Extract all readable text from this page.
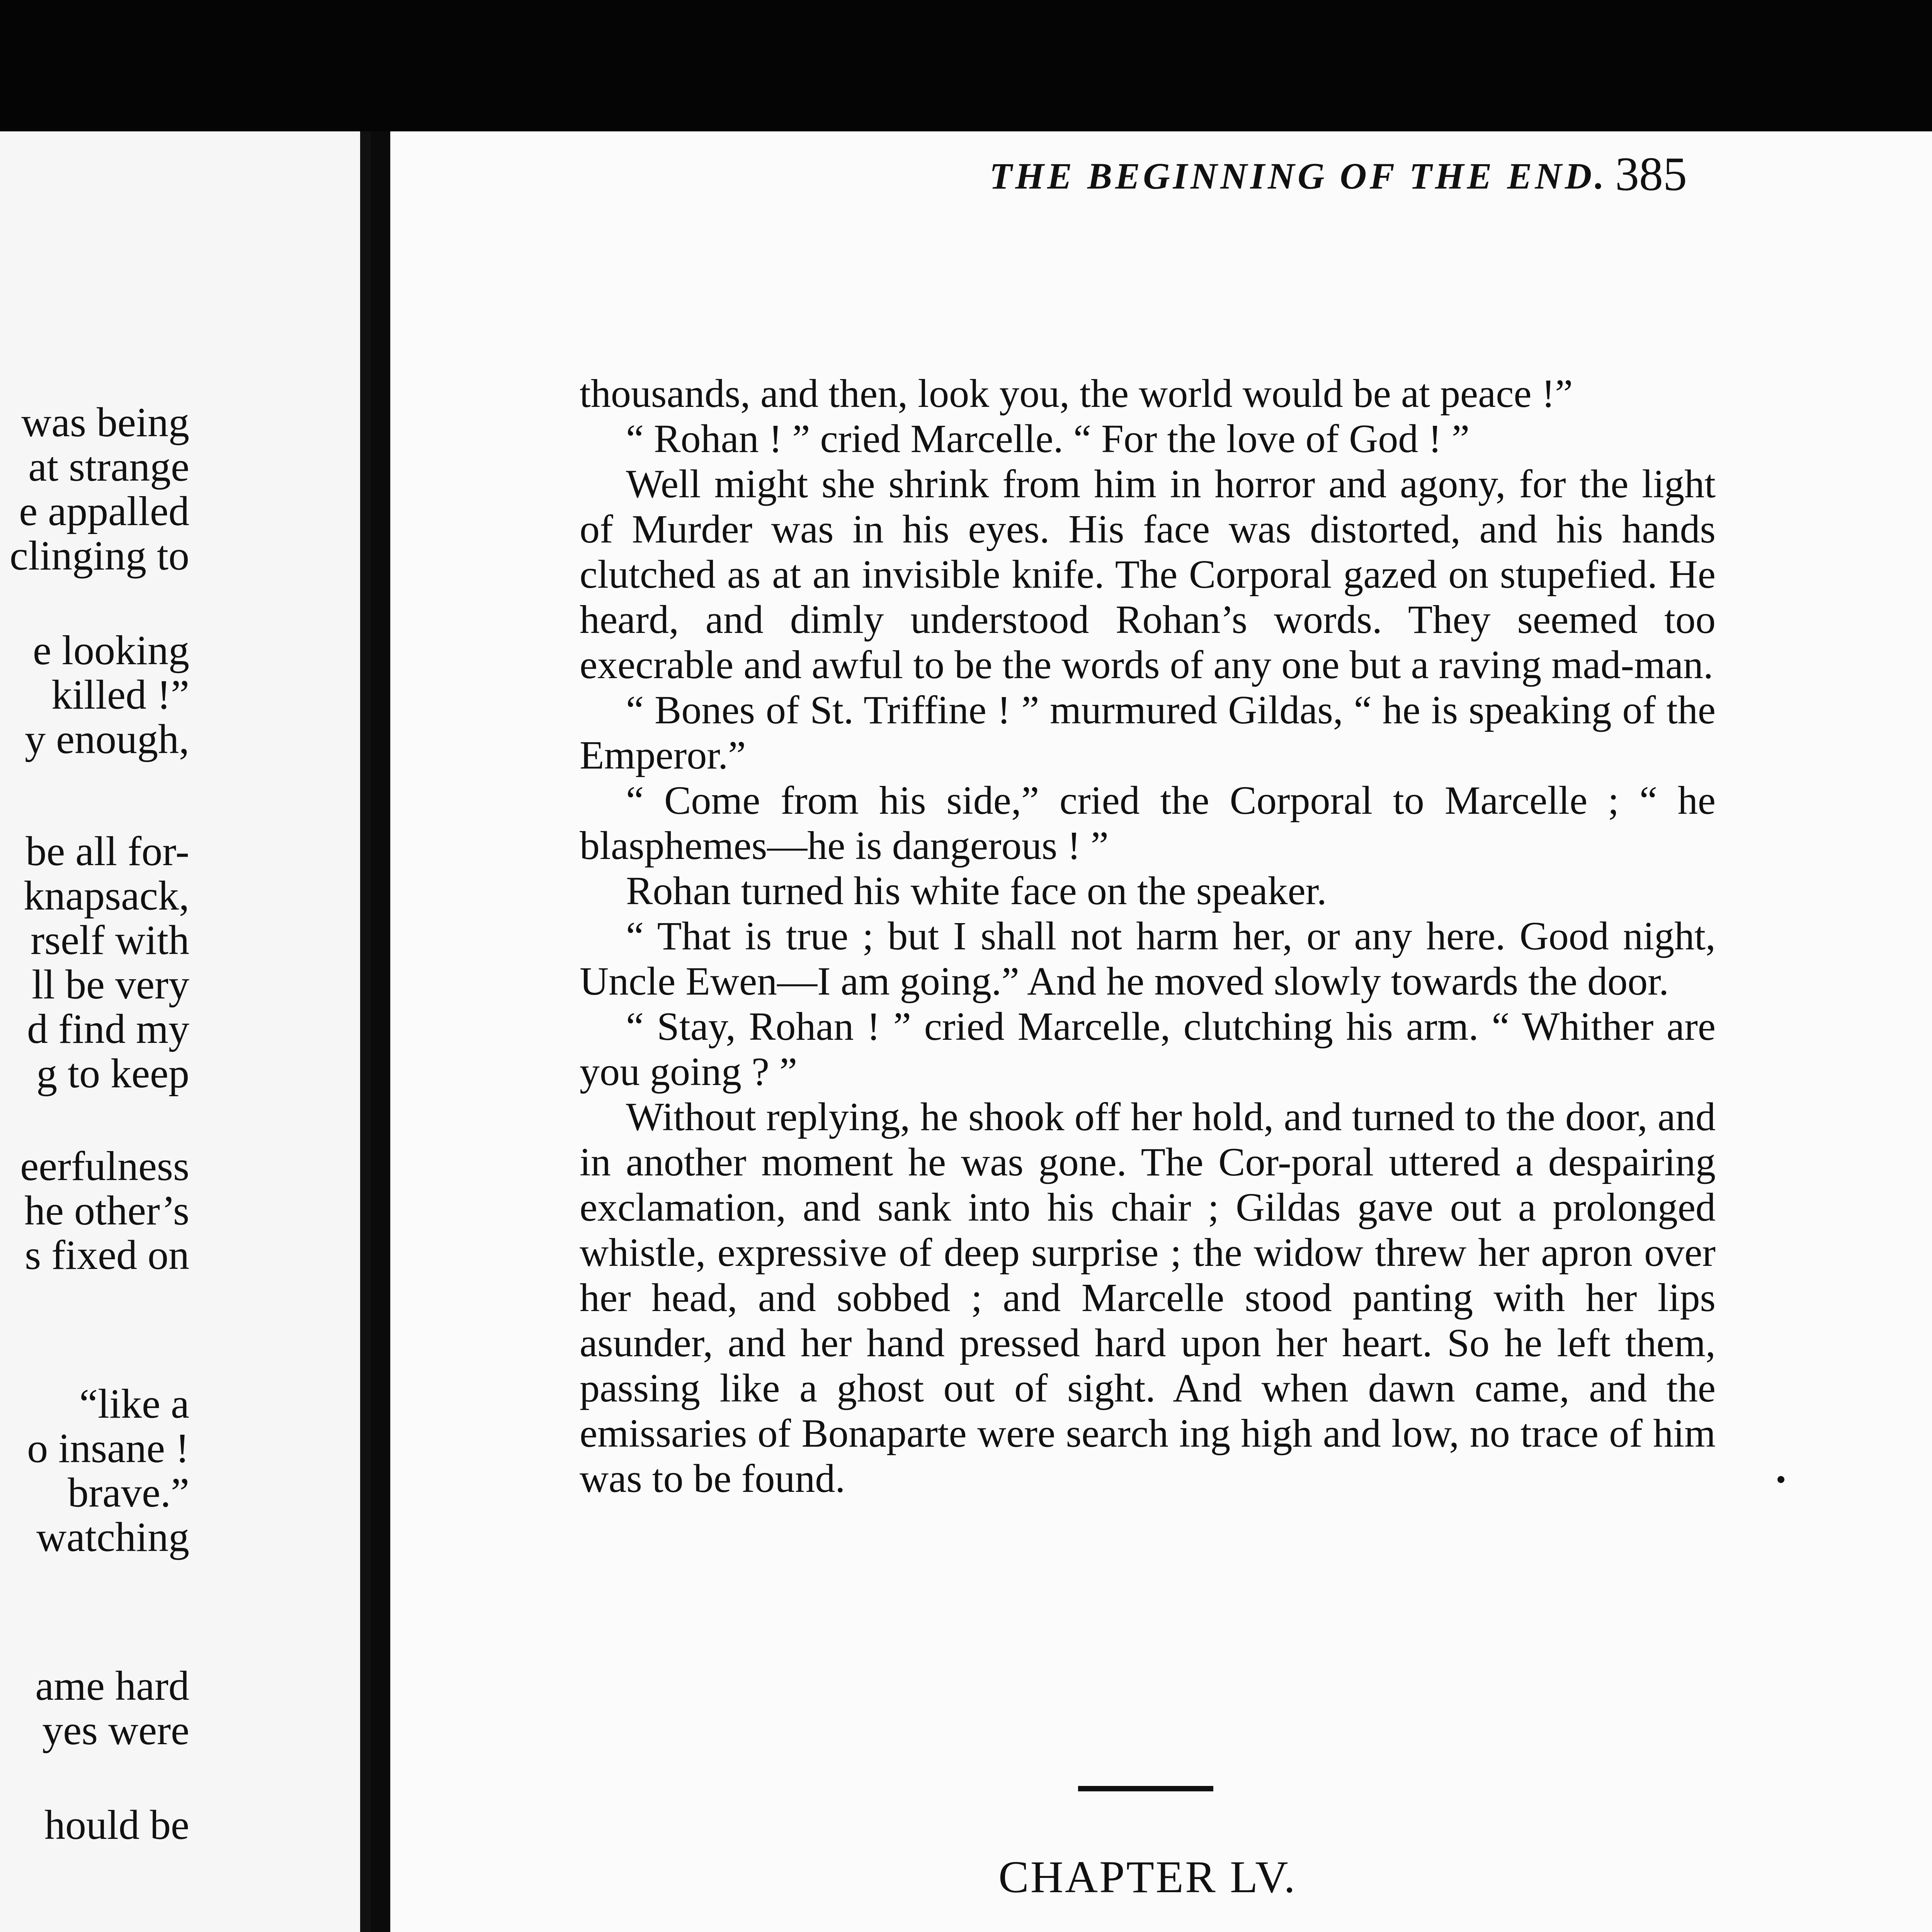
was being
at strange
e appalled
clinging to
e looking
killed !”
y enough,
be all for-
knapsack,
rself with
ll be very
d find my
g to keep
eerfulness
he other’s
s fixed on
“like a
o insane !
brave.”
watching
ame hard
yes were
hould be
THE BEGINNING OF THE END. 385

thousands, and then, look you, the world would be at peace !”

“ Rohan ! ” cried Marcelle. “ For the love of God ! ”

Well might she shrink from him in horror and agony, for the light of Murder was in his eyes. His face was distorted, and his hands clutched as at an invisible knife. The Corporal gazed on stupefied. He heard, and dimly understood Rohan’s words. They seemed too execrable and awful to be the words of any one but a raving mad-man.

“ Bones of St. Triffine ! ” murmured Gildas, “ he is speaking of the Emperor.”

“ Come from his side,” cried the Corporal to Marcelle ; “ he blasphemes—he is dangerous ! ”

Rohan turned his white face on the speaker.

“ That is true ; but I shall not harm her, or any here. Good night, Uncle Ewen—I am going.” And he moved slowly towards the door.

“ Stay, Rohan ! ” cried Marcelle, clutching his arm. “ Whither are you going ? ”

Without replying, he shook off her hold, and turned to the door, and in another moment he was gone. The Cor-poral uttered a despairing exclamation, and sank into his chair ; Gildas gave out a prolonged whistle, expressive of deep surprise ; the widow threw her apron over her head, and sobbed ; and Marcelle stood panting with her lips asunder, and her hand pressed hard upon her heart. So he left them, passing like a ghost out of sight. And when dawn came, and the emissaries of Bonaparte were search ing high and low, no trace of him was to be found.

CHAPTER LV.
